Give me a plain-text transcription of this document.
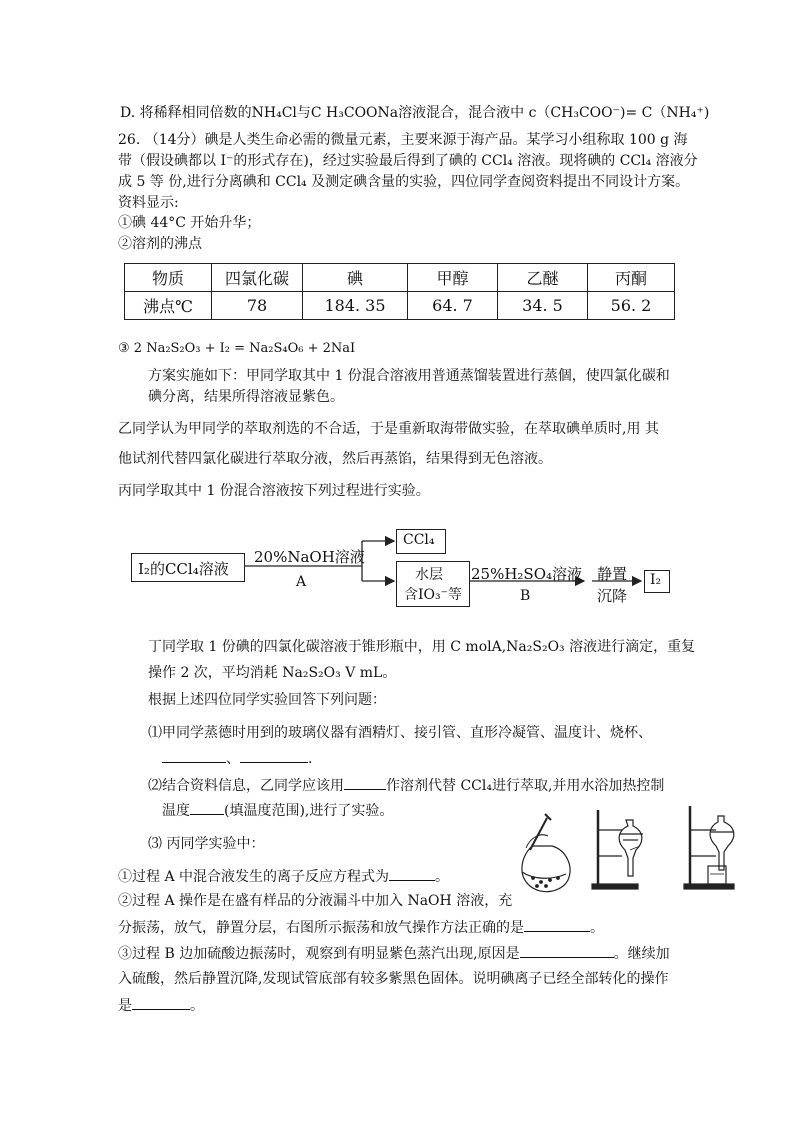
D. 将稀释相同倍数的NH₄Cl与C H₃COONa溶液混合，混合液中 c（CH₃COO⁻)= C（NH₄⁺)
26. （14分）碘是人类生命必需的微量元素，主要来源于海产品。某学习小组称取 100 g 海
带（假设碘都以 I⁻的形式存在)，经过实验最后得到了碘的 CCl₄ 溶液。现将碘的 CCl₄ 溶液分
成 5 等 份,进行分离碘和 CCl₄ 及测定碘含量的实验，四位同学查阅资料提出不同设计方案。
资料显示:
①碘 44°C 开始升华；
②溶剂的沸点
物质	四氯化碳	碘	甲醇	乙醚	丙酮
沸点℃	78	184. 35	64. 7	34. 5	56. 2
③ 2 Na₂S₂O₃ + I₂ = Na₂S₄O₆ + 2NaI
方案实施如下：甲同学取其中 1 份混合溶液用普通蒸馏装置进行蒸個，使四氯化碳和
碘分离，结果所得溶液显紫色。
乙同学认为甲同学的萃取剂选的不合适，于是重新取海带做实验，在萃取碘单质时,用 其
他试剂代替四氯化碳进行萃取分液，然后再蒸馅，结果得到无色溶液。
丙同学取其中 1 份混合溶液按下列过程进行实验。
I₂的CCl₄溶液
20%NaOH溶液
A
CCl₄
水层
含IO₃⁻等
25%H₂SO₄溶液
B
静置
沉降
I₂
丁同学取 1 份碘的四氯化碳溶液于锥形瓶中，用 C molA,Na₂S₂O₃ 溶液进行滴定，重复
操作 2 次，平均消耗 Na₂S₂O₃ V mL。
根据上述四位同学实验回答下列问题：
⑴甲同学蒸德时用到的玻璃仪器有酒精灯、接引管、直形冷凝管、温度计、烧杯、
、	.
⑵结合资料信息，乙同学应该用	作溶剂代替 CCl₄进行萃取,并用水浴加热控制
温度 (填温度范围),进行了实验。
⑶ 丙同学实验中：
①过程 A 中混合液发生的离子反应方程式为	。
②过程 A 操作是在盛有样品的分液漏斗中加入 NaOH 溶液，充
分振荡，放气，静置分层，右图所示振荡和放气操作方法正确的是	。
③过程 B 边加硫酸边振荡时，观察到有明显紫色蒸汽出现,原因是	。继续加
入硫酸，然后静置沉降,发现试管底部有较多紫黑色固体。说明碘离子已经全部转化的操作
是	。
